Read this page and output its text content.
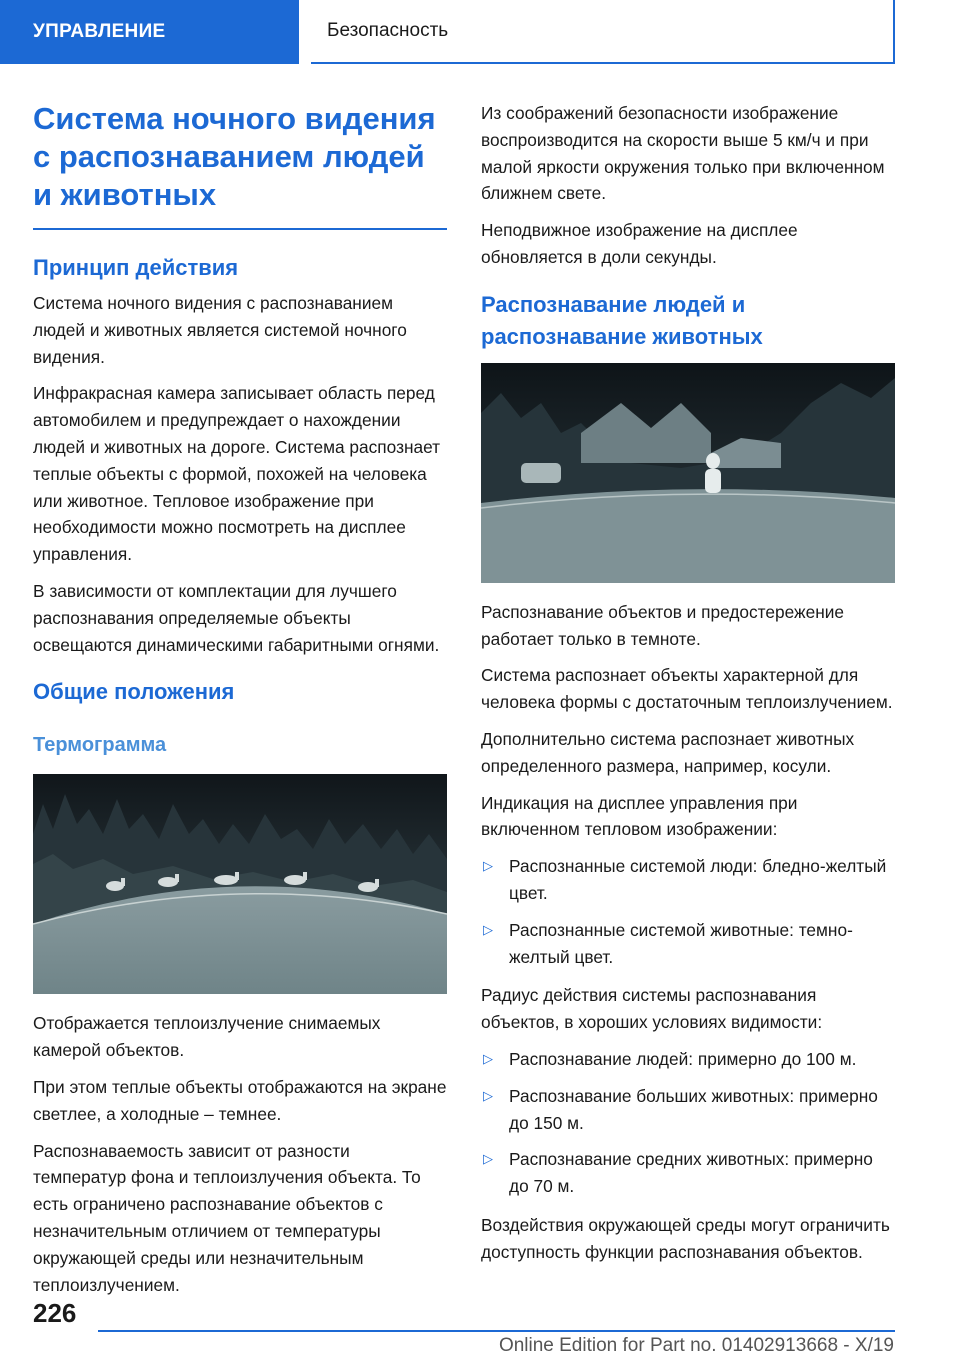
УПРАВЛЕНИЕ	Безопасность
Система ночного видения с распознаванием людей и животных
Принцип действия

Система ночного видения с распознаванием людей и животных является системой ночного видения.

Инфракрасная камера записывает область перед автомобилем и предупреждает о нахождении людей и животных на дороге. Система распознает теплые объекты с формой, похожей на человека или животное. Тепловое изображение при необходимости можно посмотреть на дисплее управления.

В зависимости от комплектации для лучшего распознавания определяемые объекты освещаются динамическими габаритными огнями.

Общие положения
Термограмма

Отображается теплоизлучение снимаемых камерой объектов.

При этом теплые объекты отображаются на экране светлее, а холодные – темнее.

Распознаваемость зависит от разности температур фона и теплоизлучения объекта. То есть ограничено распознавание объектов с незначительным отличием от температуры окружающей среды или незначительным теплоизлучением.

Из соображений безопасности изображение воспроизводится на скорости выше 5 км/ч и при малой яркости окружения только при включенном ближнем свете.

Неподвижное изображение на дисплее обновляется в доли секунды.

Распознавание людей и распознавание животных

Распознавание объектов и предостережение работает только в темноте.

Система распознает объекты характерной для человека формы с достаточным теплоизлучением.

Дополнительно система распознает животных определенного размера, например, косули.

Индикация на дисплее управления при включенном тепловом изображении:

▷ Распознанные системой люди: бледно-желтый цвет.
▷ Распознанные системой животные: темно-желтый цвет.

Радиус действия системы распознавания объектов, в хороших условиях видимости:

▷ Распознавание людей: примерно до 100 м.
▷ Распознавание больших животных: примерно до 150 м.
▷ Распознавание средних животных: примерно до 70 м.

Воздействия окружающей среды могут ограничить доступность функции распознавания объектов.

226
Online Edition for Part no. 01402913668 - X/19
